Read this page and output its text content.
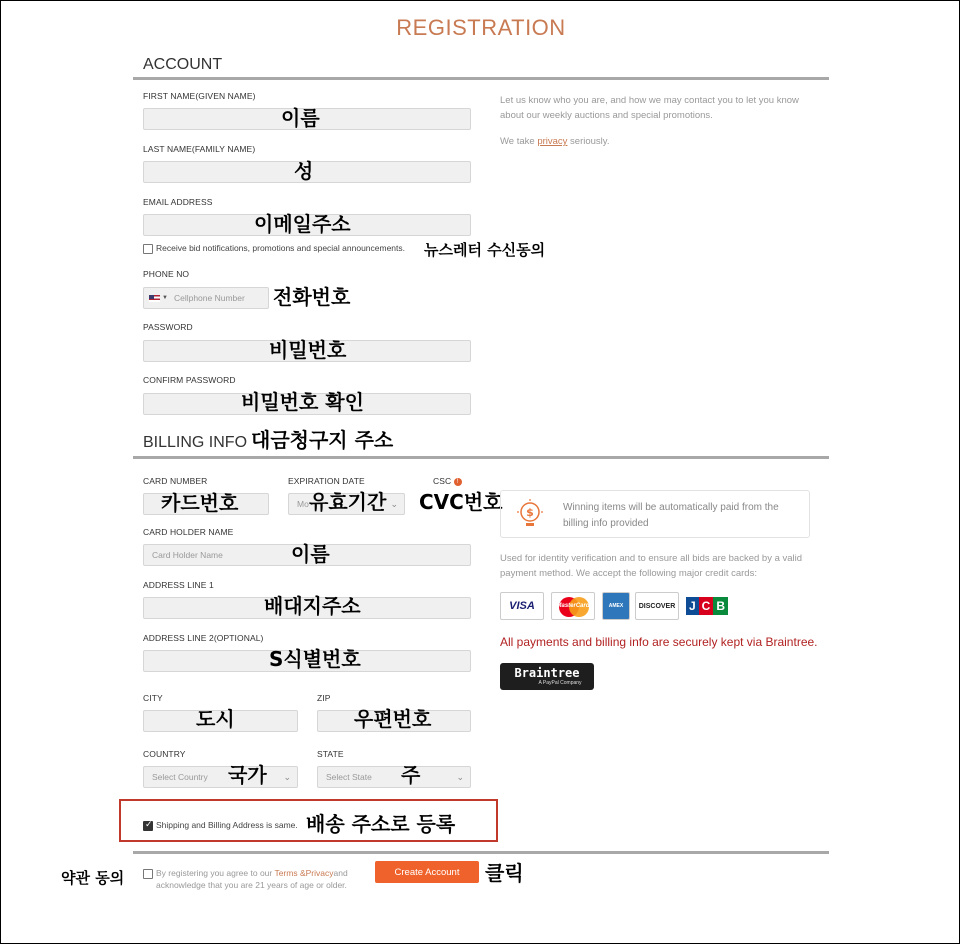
REGISTRATION
ACCOUNT
FIRST NAME(GIVEN NAME)
이름
LAST NAME(FAMILY NAME)
성
EMAIL ADDRESS
이메일주소
Receive bid notifications, promotions and special announcements. 뉴스레터 수신동의
PHONE NO
▼ Cellphone Number 전화번호
PASSWORD
비밀번호
CONFIRM PASSWORD
비밀번호 확인
Let us know who you are, and how we may contact you to let you know about our weekly auctions and special promotions.
We take privacy seriously.
BILLING INFO 대금청구지 주소
CARD NUMBER
카드번호
EXPIRATION DATE
Mo	⌄
유효기간
CSC !
CVC번호
CARD HOLDER NAME
Card Holder Name	이름
ADDRESS LINE 1
배대지주소
ADDRESS LINE 2(OPTIONAL)
S식별번호
CITY
도시
ZIP
우편번호
COUNTRY
Select Country	⌄
국가
STATE
Select State	⌄
주
✓
Shipping and Billing Address is same. 배송 주소로 등록
$	Winning items will be automatically paid from the billing info provided
Used for identity verification and to ensure all bids are backed by a valid payment method. We accept the following major credit cards:
VISA	MasterCard	AMEX DISCOVER J C B
All payments and billing info are securely kept via Braintree.
Braintree
A PayPal Company
약관 동의	By registering you agree to our Terms &Privacyand acknowledge that you are 21 years of age or older.
Create Account	클릭
